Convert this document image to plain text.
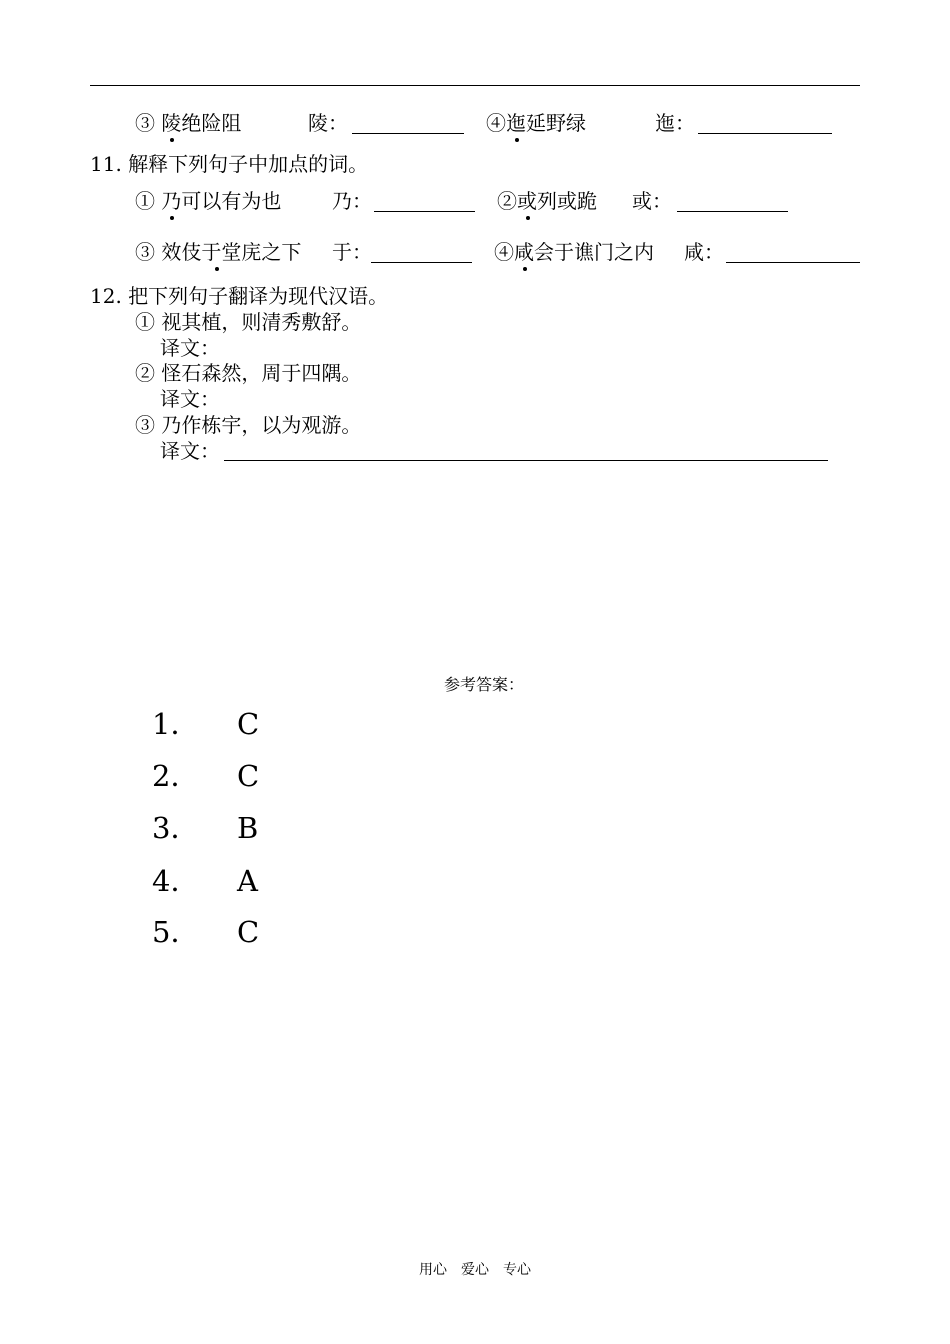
③ 陵绝险阻	陵：	④迤延野绿	迤：
11. 解释下列句子中加点的词。
① 乃可以有为也	乃：	②或列或跪 或：
③ 效伎于堂庑之下 于：	④咸会于谯门之内 咸：
12. 把下列句子翻译为现代汉语。
① 视其植，则清秀敷舒。
译文：
② 怪石森然，周于四隅。
译文：
③ 乃作栋宇，以为观游。
译文：
参考答案：
1． C
2． C
3． B
4． A
5． C
用心　爱心　专心
